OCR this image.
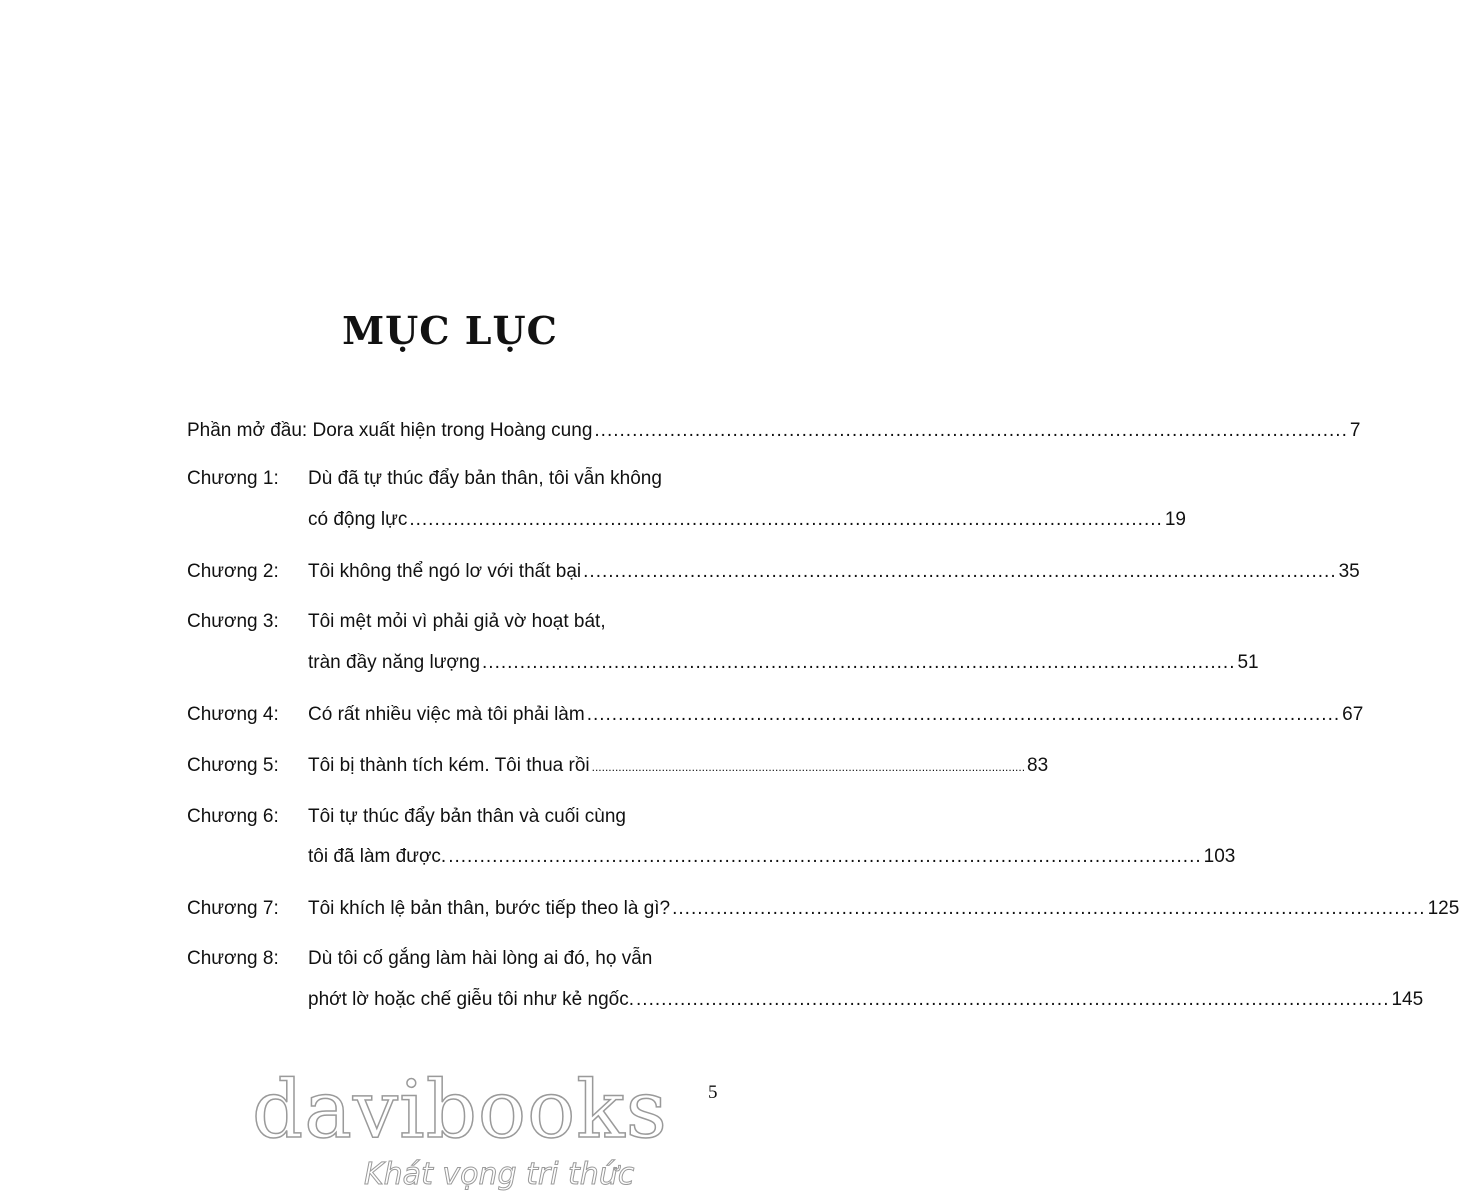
MỤC LỤC
Phần mở đầu: Dora xuất hiện trong Hoàng cung ........................................................................................................................ 7
Chương 1: Dù đã tự thúc đẩy bản thân, tôi vẫn không
có động lực ........................................................................................................................ 19
Chương 2: Tôi không thể ngó lơ với thất bại ........................................................................................................................ 35
Chương 3: Tôi mệt mỏi vì phải giả vờ hoạt bát,
tràn đầy năng lượng ........................................................................................................................ 51
Chương 4: Có rất nhiều việc mà tôi phải làm ........................................................................................................................ 67
Chương 5: Tôi bị thành tích kém. Tôi thua rồi .................................................................................................................................. 83
Chương 6: Tôi tự thúc đẩy bản thân và cuối cùng
tôi đã làm được. ........................................................................................................................ 103
Chương 7: Tôi khích lệ bản thân, bước tiếp theo là gì? ........................................................................................................................ 125
Chương 8: Dù tôi cố gắng làm hài lòng ai đó, họ vẫn
phớt lờ hoặc chế giễu tôi như kẻ ngốc. ........................................................................................................................ 145
5
davibooks
Khát vọng tri thức
